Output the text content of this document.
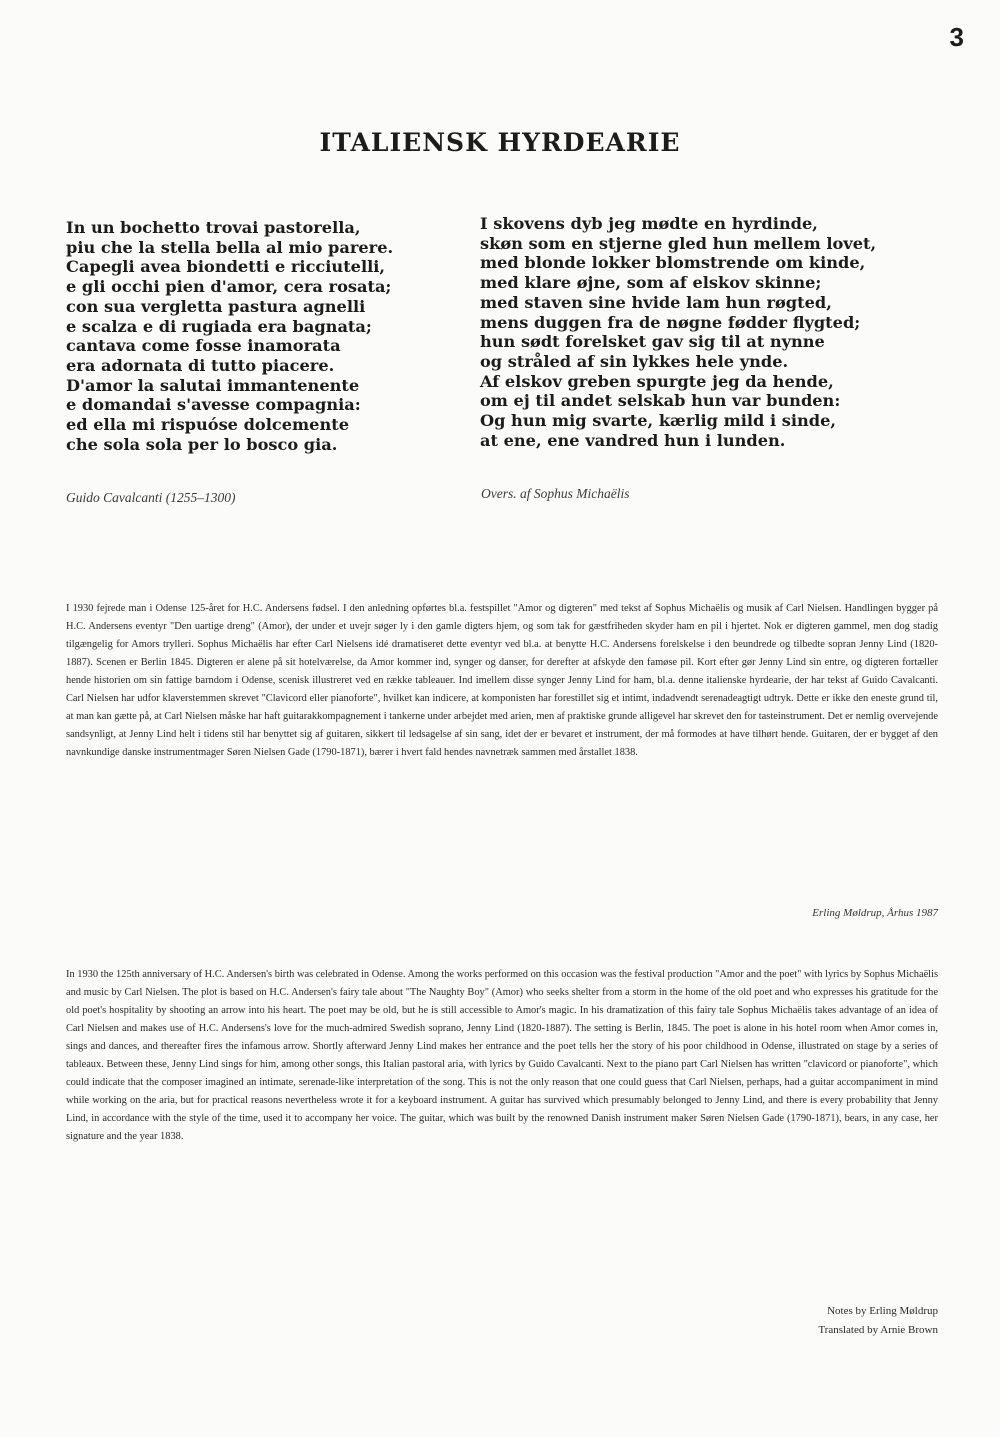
3
ITALIENSK HYRDEARIE
In un bochetto trovai pastorella,
piu che la stella bella al mio parere.
Capegli avea biondetti e ricciutelli,
e gli occhi pien d'amor, cera rosata;
con sua vergletta pastura agnelli
e scalza e di rugiada era bagnata;
cantava come fosse inamorata
era adornata di tutto piacere.
D'amor la salutai immantenente
e domandai s'avesse compagnia:
ed ella mi rispuóse dolcemente
che sola sola per lo bosco gia.
I skovens dyb jeg mødte en hyrdinde,
skøn som en stjerne gled hun mellem lovet,
med blonde lokker blomstrende om kinde,
med klare øjne, som af elskov skinne;
med staven sine hvide lam hun røgted,
mens duggen fra de nøgne fødder flygted;
hun sødt forelsket gav sig til at nynne
og stråled af sin lykkes hele ynde.
Af elskov greben spurgte jeg da hende,
om ej til andet selskab hun var bunden:
Og hun mig svarte, kærlig mild i sinde,
at ene, ene vandred hun i lunden.
Guido Cavalcanti (1255–1300)	Overs. af Sophus Michaëlis

I 1930 fejrede man i Odense 125-året for H.C. Andersens fødsel. I den anledning opførtes bl.a. festspillet "Amor og digteren" med tekst af Sophus Michaëlis og musik af Carl Nielsen. Handlingen bygger på H.C. Andersens eventyr "Den uartige dreng" (Amor), der under et uvejr søger ly i den gamle digters hjem, og som tak for gæstfriheden skyder ham en pil i hjertet. Nok er digteren gammel, men dog stadig tilgængelig for Amors trylleri. Sophus Michaëlis har efter Carl Nielsens idé dramatiseret dette eventyr ved bl.a. at benytte H.C. Andersens forelskelse i den beundrede og tilbedte sopran Jenny Lind (1820-1887). Scenen er Berlin 1845. Digteren er alene på sit hotelværelse, da Amor kommer ind, synger og danser, for derefter at afskyde den famøse pil. Kort efter gør Jenny Lind sin entre, og digteren fortæller hende historien om sin fattige barndom i Odense, scenisk illustreret ved en række tableauer. Ind imellem disse synger Jenny Lind for ham, bl.a. denne italienske hyrdearie, der har tekst af Guido Cavalcanti. Carl Nielsen har udfor klaverstemmen skrevet "Clavicord eller pianoforte", hvilket kan indicere, at komponisten har forestillet sig et intimt, indadvendt serenadeagtigt udtryk. Dette er ikke den eneste grund til, at man kan gætte på, at Carl Nielsen måske har haft guitarakkompagnement i tankerne under arbejdet med arien, men af praktiske grunde alligevel har skrevet den for tasteinstrument. Det er nemlig overvejende sandsynligt, at Jenny Lind helt i tidens stil har benyttet sig af guitaren, sikkert til ledsagelse af sin sang, idet der er bevaret et instrument, der må formodes at have tilhørt hende. Guitaren, der er bygget af den navnkundige danske instrumentmager Søren Nielsen Gade (1790-1871), bærer i hvert fald hendes navnetræk sammen med årstallet 1838.

Erling Møldrup, Århus 1987

In 1930 the 125th anniversary of H.C. Andersen's birth was celebrated in Odense. Among the works performed on this occasion was the festival production "Amor and the poet" with lyrics by Sophus Michaëlis and music by Carl Nielsen. The plot is based on H.C. Andersen's fairy tale about "The Naughty Boy" (Amor) who seeks shelter from a storm in the home of the old poet and who expresses his gratitude for the old poet's hospitality by shooting an arrow into his heart. The poet may be old, but he is still accessible to Amor's magic. In his dramatization of this fairy tale Sophus Michaëlis takes advantage of an idea of Carl Nielsen and makes use of H.C. Andersens's love for the much-admired Swedish soprano, Jenny Lind (1820-1887). The setting is Berlin, 1845. The poet is alone in his hotel room when Amor comes in, sings and dances, and thereafter fires the infamous arrow. Shortly afterward Jenny Lind makes her entrance and the poet tells her the story of his poor childhood in Odense, illustrated on stage by a series of tableaux. Between these, Jenny Lind sings for him, among other songs, this Italian pastoral aria, with lyrics by Guido Cavalcanti. Next to the piano part Carl Nielsen has written "clavicord or pianoforte", which could indicate that the composer imagined an intimate, serenade-like interpretation of the song. This is not the only reason that one could guess that Carl Nielsen, perhaps, had a guitar accompaniment in mind while working on the aria, but for practical reasons nevertheless wrote it for a keyboard instrument. A guitar has survived which presumably belonged to Jenny Lind, and there is every probability that Jenny Lind, in accordance with the style of the time, used it to accompany her voice. The guitar, which was built by the renowned Danish instrument maker Søren Nielsen Gade (1790-1871), bears, in any case, her signature and the year 1838.

Notes by Erling Møldrup
Translated by Arnie Brown
